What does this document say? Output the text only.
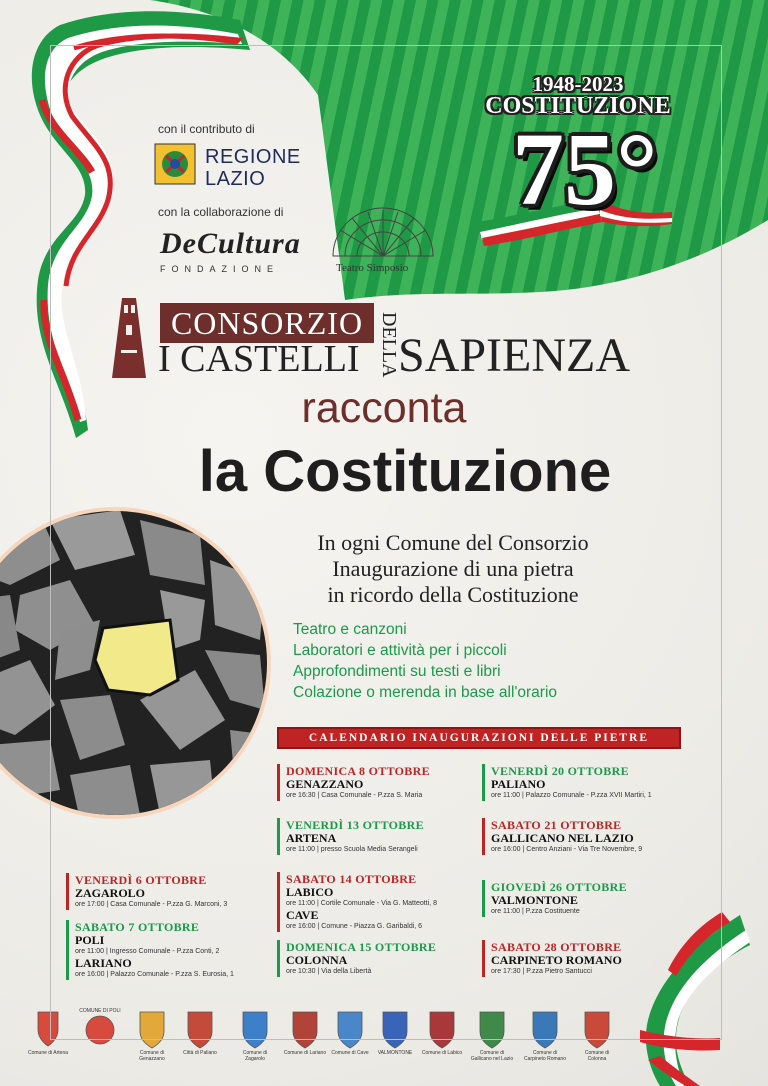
con il contributo di
REGIONE
LAZIO
con la collaborazione di
DeCultura
FONDAZIONE	Teatro Simposio
1948-2023
COSTITUZIONE
75°
CONSORZIO
I CASTELLI DELLA
SAPIENZA
racconta
la Costituzione
In ogni Comune del Consorzio
Inaugurazione di una pietra
in ricordo della Costituzione
Teatro e canzoni
Laboratori e attività per i piccoli
Approfondimenti su testi e libri
Colazione o merenda in base all'orario
CALENDARIO INAUGURAZIONI DELLE PIETRE
VENERDÌ 6 OTTOBRE
ZAGAROLO
ore 17:00 | Casa Comunale - P.zza G. Marconi, 3
SABATO 7 OTTOBRE
POLI
ore 11:00 | Ingresso Comunale - P.zza Conti, 2
LARIANO
ore 16:00 | Palazzo Comunale - P.zza S. Eurosia, 1
DOMENICA 8 OTTOBRE
GENAZZANO
ore 16:30 | Casa Comunale - P.zza S. Maria
VENERDÌ 13 OTTOBRE
ARTENA
ore 11:00 | presso Scuola Media Serangeli
SABATO 14 OTTOBRE
LABICO
ore 11:00 | Cortile Comunale - Via G. Matteotti, 8
CAVE
ore 16:00 | Comune - Piazza G. Garibaldi, 6
DOMENICA 15 OTTOBRE
COLONNA
ore 10:30 | Via della Libertà
VENERDÌ 20 OTTOBRE
PALIANO
ore 11:00 | Palazzo Comunale - P.zza XVII Martiri, 1
SABATO 21 OTTOBRE
GALLICANO NEL LAZIO
ore 16:00 | Centro Anziani - Via Tre Novembre, 9
GIOVEDÌ 26 OTTOBRE
VALMONTONE
ore 11:00 | P.zza Costituente
SABATO 28 OTTOBRE
CARPINETO ROMANO
ore 17:30 | P.zza Pietro Santucci
Comune di Artena
COMUNE DI POLI
Comune di Genazzano
Città di Paliano	Comune di Zagarolo
Comune di Lariano	Comune di Cave	VALMONTONE	Comune di Labico	Comune di Gallicano nel Lazio
Comune di Carpineto Romano
Comune di Colonna
